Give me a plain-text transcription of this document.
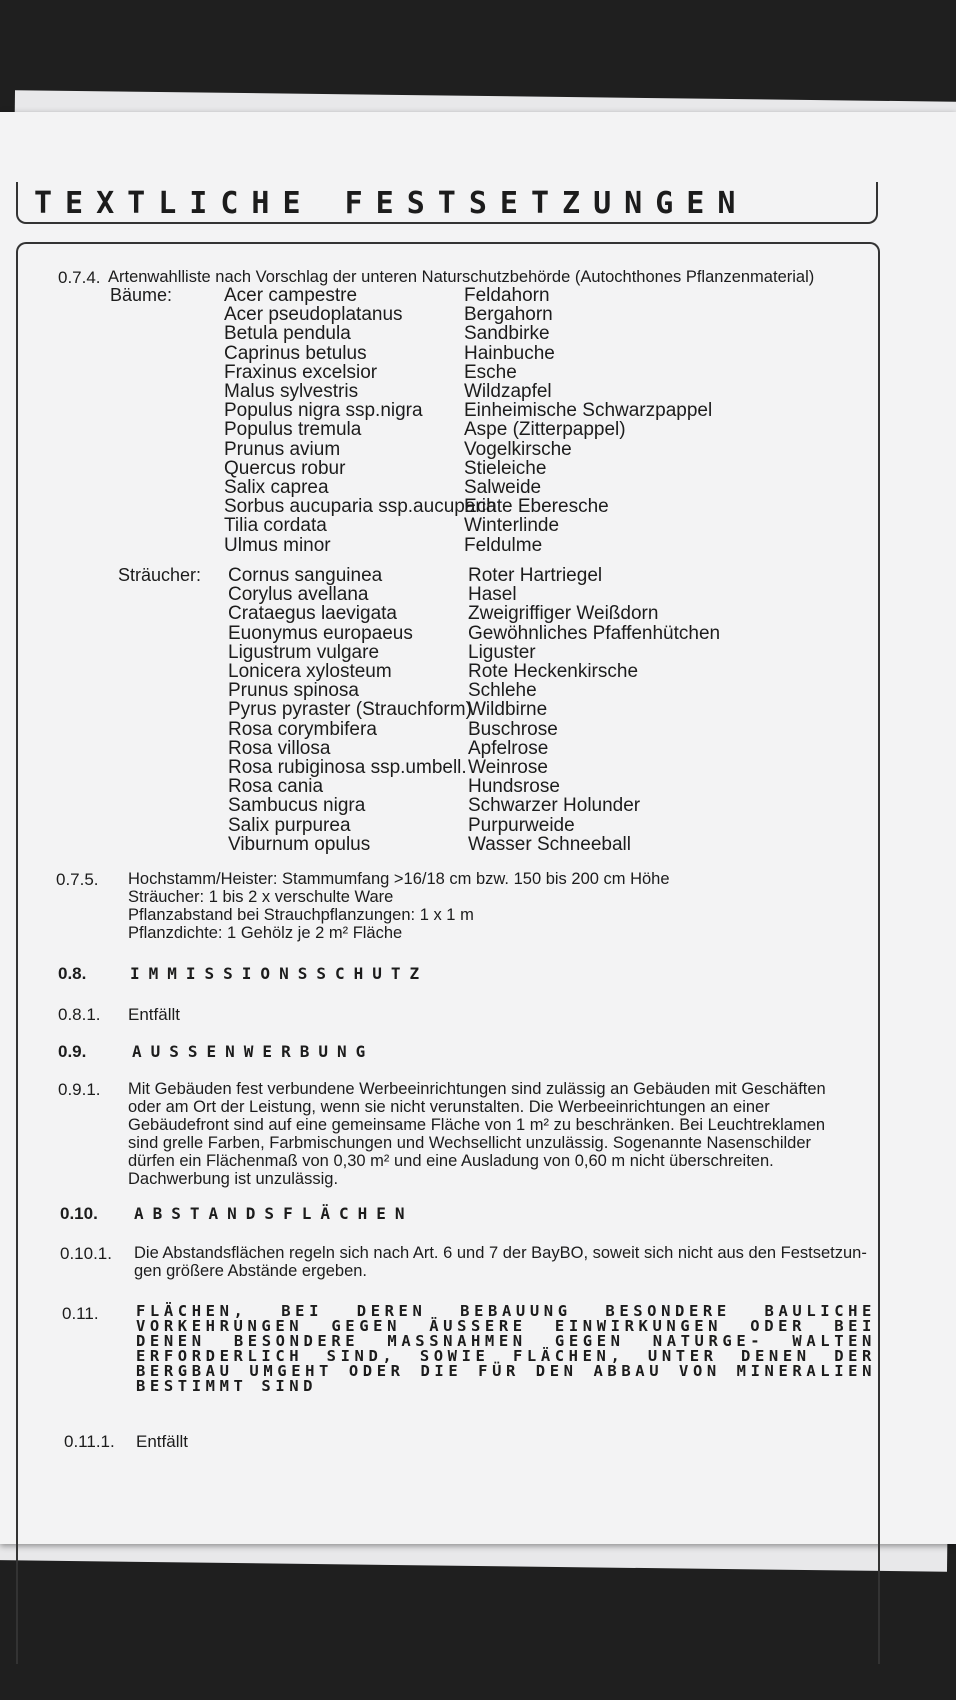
TEXTLICHE FESTSETZUNGEN
0.7.4. Artenwahlliste nach Vorschlag der unteren Naturschutzbehörde (Autochthones Pflanzenmaterial)
Bäume:
Sträucher:
Acer campestre
Acer pseudoplatanus
Betula pendula
Caprinus betulus
Fraxinus excelsior
Malus sylvestris
Populus nigra ssp.nigra
Populus tremula
Prunus avium
Quercus robur
Salix caprea
Sorbus aucuparia ssp.aucuparia
Tilia cordata
Ulmus minor
Feldahorn
Bergahorn
Sandbirke
Hainbuche
Esche
Wildzapfel
Einheimische Schwarzpappel
Aspe (Zitterpappel)
Vogelkirsche
Stieleiche
Salweide
Echte Eberesche
Winterlinde
Feldulme
Cornus sanguinea
Corylus avellana
Crataegus laevigata
Euonymus europaeus
Ligustrum vulgare
Lonicera xylosteum
Prunus spinosa
Pyrus pyraster (Strauchform)
Rosa corymbifera
Rosa villosa
Rosa rubiginosa ssp.umbell.
Rosa cania
Sambucus nigra
Salix purpurea
Viburnum opulus
Roter Hartriegel
Hasel
Zweigriffiger Weißdorn
Gewöhnliches Pfaffenhütchen
Liguster
Rote Heckenkirsche
Schlehe
Wildbirne
Buschrose
Apfelrose
Weinrose
Hundsrose
Schwarzer Holunder
Purpurweide
Wasser Schneeball
0.7.5. Hochstamm/Heister: Stammumfang >16/18 cm bzw. 150 bis 200 cm Höhe
Sträucher: 1 bis 2 x verschulte Ware
Pflanzabstand bei Strauchpflanzungen: 1 x 1 m
Pflanzdichte: 1 Gehölz je 2 m² Fläche
0.8.	IMMISSIONSSCHUTZ
0.8.1. Entfällt
0.9.	AUSSENWERBUNG
0.9.1. Mit Gebäuden fest verbundene Werbeeinrichtungen sind zulässig an Gebäuden mit Geschäften
oder am Ort der Leistung, wenn sie nicht verunstalten. Die Werbeeinrichtungen an einer
Gebäudefront sind auf eine gemeinsame Fläche von 1 m² zu beschränken. Bei Leuchtreklamen
sind grelle Farben, Farbmischungen und Wechsellicht unzulässig. Sogenannte Nasenschilder
dürfen ein Flächenmaß von 0,30 m² und eine Ausladung von 0,60 m nicht überschreiten.
Dachwerbung ist unzulässig.
0.10. ABSTANDSFLÄCHEN
0.10.1. Die Abstandsflächen regeln sich nach Art. 6 und 7 der BayBO, soweit sich nicht aus den Festsetzun-
gen größere Abstände ergeben.
0.11. FLÄCHEN, BEI DEREN BEBAUUNG BESONDERE BAULICHE VORKEHRUNGEN GEGEN ÄUSSERE EINWIRKUNGEN ODER BEI DENEN BESONDERE MASSNAHMEN GEGEN NATURGE- WALTEN ERFORDERLICH SIND, SOWIE FLÄCHEN, UNTER DENEN DER BERGBAU UMGEHT ODER DIE FÜR DEN ABBAU VON MINERALIEN BESTIMMT SIND
0.11.1. Entfällt
